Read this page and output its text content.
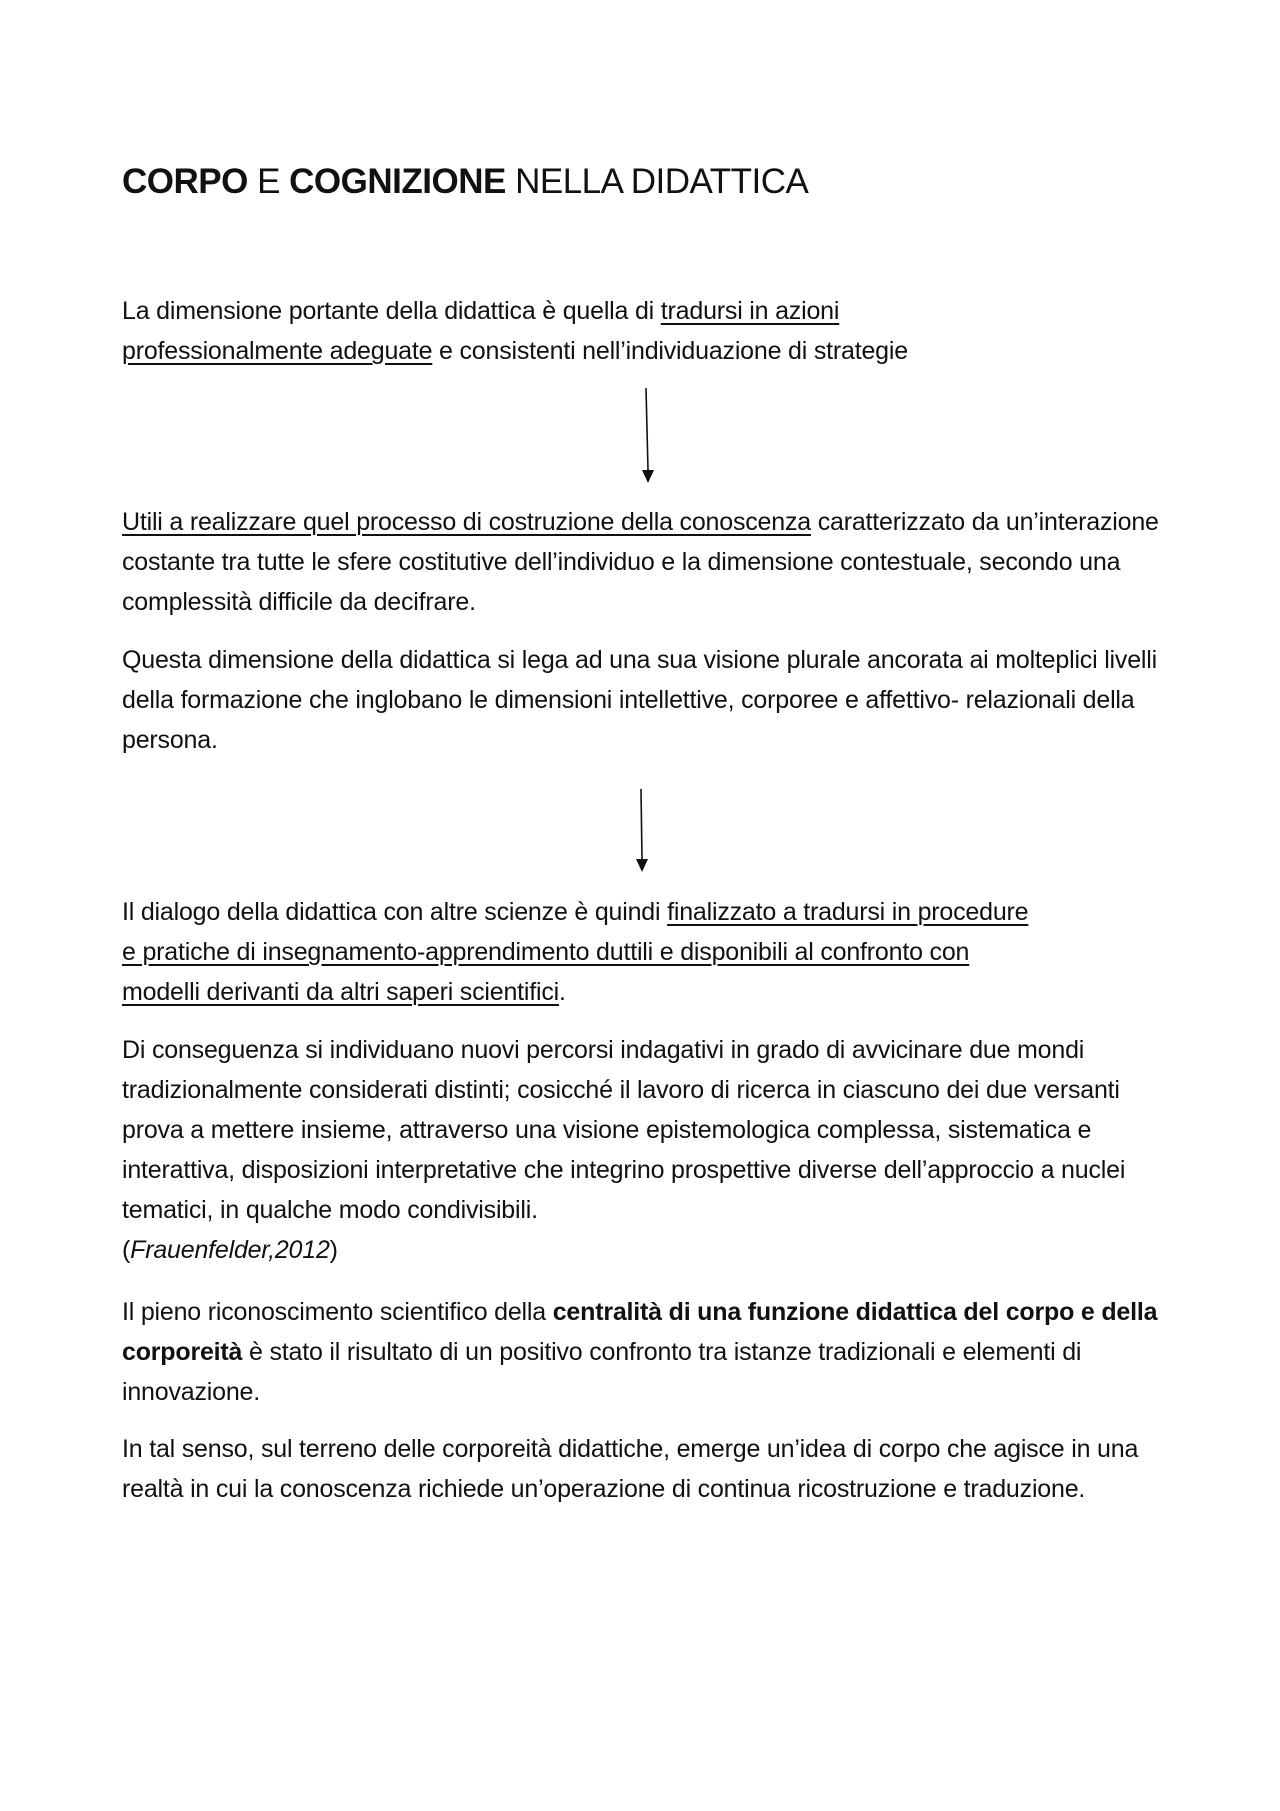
CORPO E COGNIZIONE NELLA DIDATTICA

La dimensione portante della didattica è quella di tradursi in azioni
professionalmente adeguate e consistenti nell’individuazione di strategie

Utili a realizzare quel processo di costruzione della conoscenza caratterizzato da un’interazione costante tra tutte le sfere costitutive dell’individuo e la dimensione contestuale, secondo una complessità difficile da decifrare.

Questa dimensione della didattica si lega ad una sua visione plurale ancorata ai molteplici livelli della formazione che inglobano le dimensioni intellettive, corporee e affettivo- relazionali della persona.

Il dialogo della didattica con altre scienze è quindi finalizzato a tradursi in procedure
e pratiche di insegnamento-apprendimento duttili e disponibili al confronto con
modelli derivanti da altri saperi scientifici.

Di conseguenza si individuano nuovi percorsi indagativi in grado di avvicinare due mondi tradizionalmente considerati distinti; cosicché il lavoro di ricerca in ciascuno dei due versanti prova a mettere insieme, attraverso una visione epistemologica complessa, sistematica e interattiva, disposizioni interpretative che integrino prospettive diverse dell’approccio a nuclei tematici, in qualche modo condivisibili.
(Frauenfelder,2012)

Il pieno riconoscimento scientifico della centralità di una funzione didattica del corpo e della corporeità è stato il risultato di un positivo confronto tra istanze tradizionali e elementi di innovazione.

In tal senso, sul terreno delle corporeità didattiche, emerge un’idea di corpo che agisce in una realtà in cui la conoscenza richiede un’operazione di continua ricostruzione e traduzione.
